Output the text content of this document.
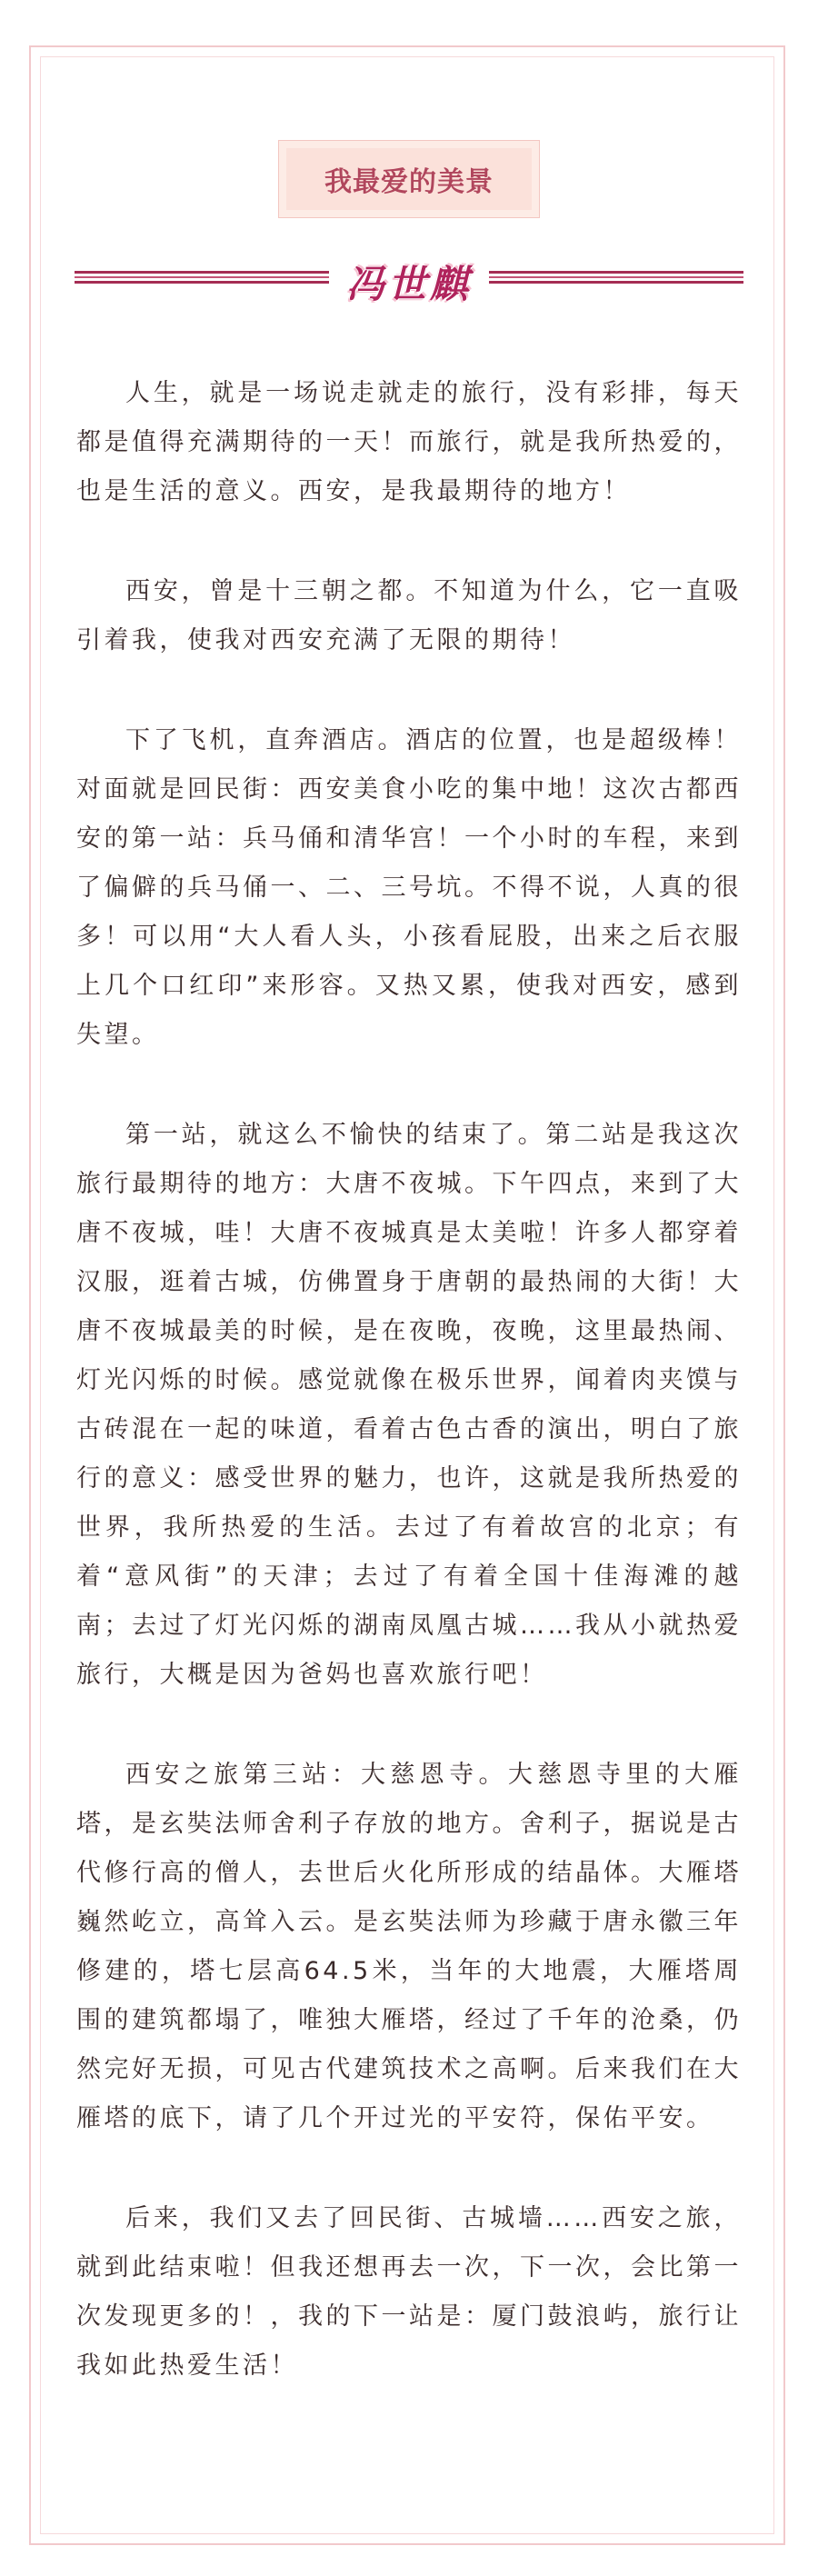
我最爱的美景
冯世麒

人生，就是一场说走就走的旅行，没有彩排，每天都是值得充满期待的一天！而旅行，就是我所热爱的，也是生活的意义。西安，是我最期待的地方！

西安，曾是十三朝之都。不知道为什么，它一直吸引着我，使我对西安充满了无限的期待！

下了飞机，直奔酒店。酒店的位置，也是超级棒！对面就是回民街：西安美食小吃的集中地！这次古都西安的第一站：兵马俑和清华宫！一个小时的车程，来到了偏僻的兵马俑一、二、三号坑。不得不说，人真的很多！可以用“大人看人头，小孩看屁股，出来之后衣服上几个口红印”来形容。又热又累，使我对西安，感到失望。

第一站，就这么不愉快的结束了。第二站是我这次旅行最期待的地方：大唐不夜城。下午四点，来到了大唐不夜城，哇！大唐不夜城真是太美啦！许多人都穿着汉服，逛着古城，仿佛置身于唐朝的最热闹的大街！大唐不夜城最美的时候，是在夜晚，夜晚，这里最热闹、灯光闪烁的时候。感觉就像在极乐世界，闻着肉夹馍与古砖混在一起的味道，看着古色古香的演出，明白了旅行的意义：感受世界的魅力，也许，这就是我所热爱的世界，我所热爱的生活。去过了有着故宫的北京；有着“意风街”的天津；去过了有着全国十佳海滩的越南；去过了灯光闪烁的湖南凤凰古城……我从小就热爱旅行，大概是因为爸妈也喜欢旅行吧！

西安之旅第三站：大慈恩寺。大慈恩寺里的大雁塔，是玄奘法师舍利子存放的地方。舍利子，据说是古代修行高的僧人，去世后火化所形成的结晶体。大雁塔巍然屹立，高耸入云。是玄奘法师为珍藏于唐永徽三年修建的，塔七层高64.5米，当年的大地震，大雁塔周围的建筑都塌了，唯独大雁塔，经过了千年的沧桑，仍然完好无损，可见古代建筑技术之高啊。后来我们在大雁塔的底下，请了几个开过光的平安符，保佑平安。

后来，我们又去了回民街、古城墙……西安之旅，就到此结束啦！但我还想再去一次，下一次，会比第一次发现更多的！，我的下一站是：厦门鼓浪屿，旅行让我如此热爱生活！
